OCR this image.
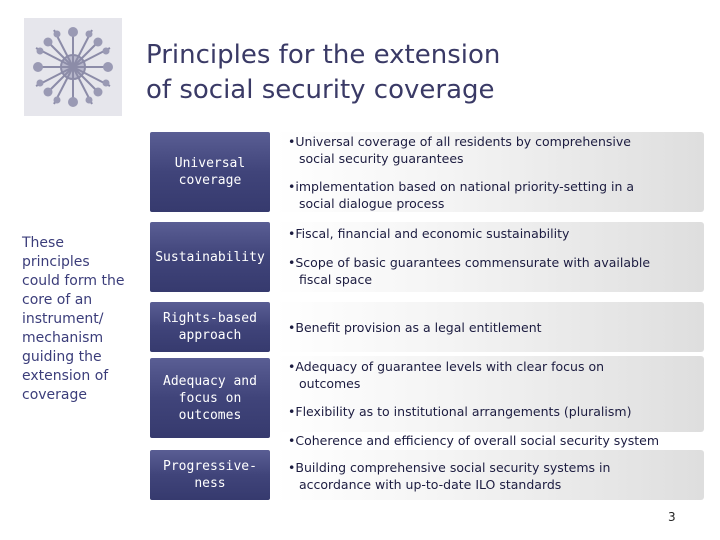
Principles for the extension
of social security coverage
These
principles
could form the
core of an
instrument/
mechanism
guiding the
extension of
coverage
Universal
coverage
Sustainability
Rights-based
approach
Adequacy and
focus on
outcomes
Progressive-
ness
•Universal coverage of all residents by comprehensive
social security guarantees
•implementation based on national priority-setting in a
social dialogue process
•Fiscal, financial and economic sustainability
•Scope of basic guarantees commensurate with available
fiscal space
•Benefit provision as a legal entitlement
•Adequacy of guarantee levels with clear focus on
outcomes
•Flexibility as to institutional arrangements (pluralism)
•Coherence and efficiency of overall social security system
•Building comprehensive social security systems in
accordance with up-to-date ILO standards
3
